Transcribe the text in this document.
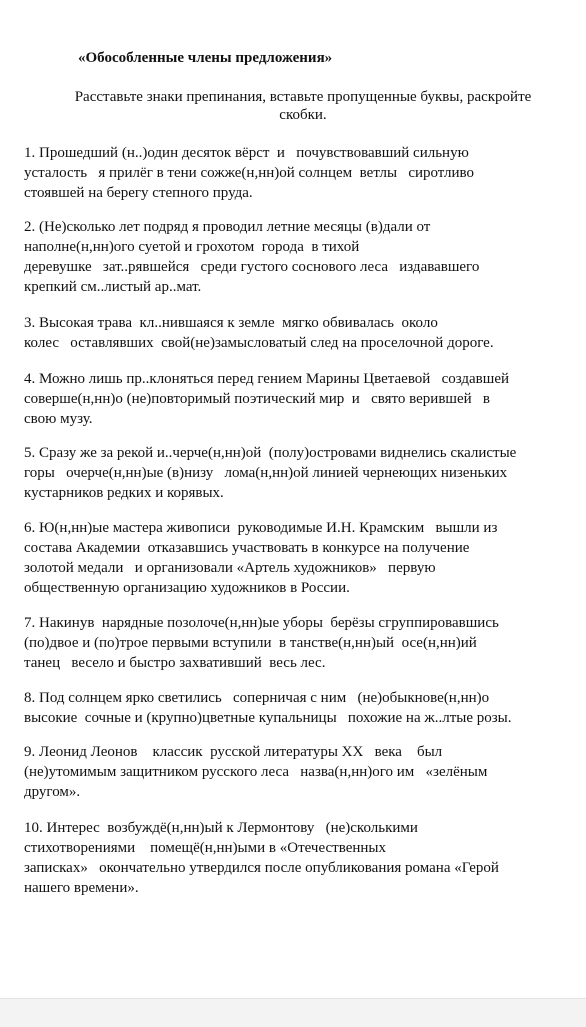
«Обособленные члены предложения»
Расставьте знаки препинания, вставьте пропущенные буквы, раскройте
скобки.
1. Прошедший (н..)один десяток вёрст  и   почувствовавший сильную
усталость   я прилёг в тени сожже(н,нн)ой солнцем  ветлы   сиротливо
стоявшей на берегу степного пруда.
2. (Не)сколько лет подряд я проводил летние месяцы (в)дали от
наполне(н,нн)ого суетой и грохотом  города  в тихой
деревушке   зат..рявшейся   среди густого соснового леса   издававшего
крепкий см..листый ар..мат.
3. Высокая трава  кл..нившаяся к земле  мягко обвивалась  около
колес   оставлявших  свой(не)замысловатый след на проселочной дороге.
4. Можно лишь пр..клоняться перед гением Марины Цветаевой   создавшей
соверше(н,нн)о (не)повторимый поэтический мир  и   свято верившей   в
свою музу.
5. Сразу же за рекой и..черче(н,нн)ой  (полу)островами виднелись скалистые
горы   очерче(н,нн)ые (в)низу   лома(н,нн)ой линией чернеющих низеньких
кустарников редких и корявых.
6. Ю(н,нн)ые мастера живописи  руководимые И.Н. Крамским   вышли из
состава Академии  отказавшись участвовать в конкурсе на получение
золотой медали   и организовали «Артель художников»   первую
общественную организацию художников в России.
7. Накинув  нарядные позолоче(н,нн)ые уборы  берёзы сгруппировавшись
(по)двое и (по)трое первыми вступили  в танстве(н,нн)ый  осе(н,нн)ий
танец   весело и быстро захвативший  весь лес.
8. Под солнцем ярко светились   соперничая с ним   (не)обыкнове(н,нн)о
высокие  сочные и (крупно)цветные купальницы   похожие на ж..лтые розы.
9. Леонид Леонов    классик  русской литературы XX   века    был
(не)утомимым защитником русского леса   назва(н,нн)ого им   «зелёным
другом».
10. Интерес  возбуждё(н,нн)ый к Лермонтову   (не)сколькими
стихотворениями    помещё(н,нн)ыми в «Отечественных
записках»   окончательно утвердился после опубликования романа «Герой
нашего времени».
